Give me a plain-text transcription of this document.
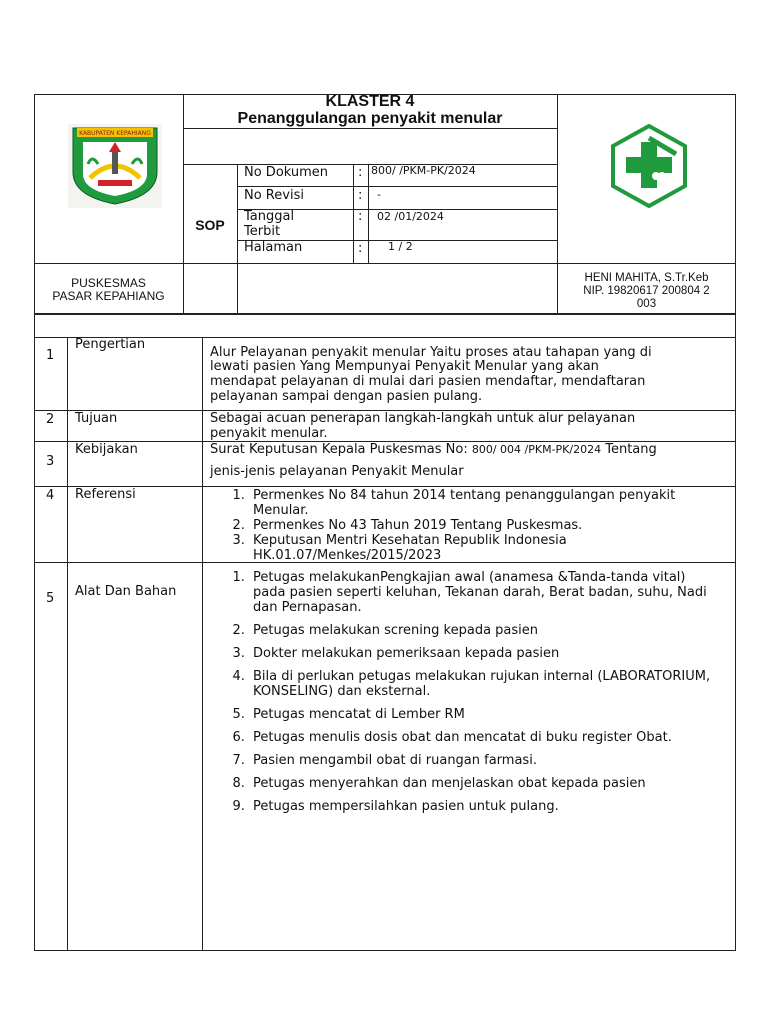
KLASTER 4
Penanggulangan penyakit menular
SOP
No Dokumen : 800/ /PKM-PK/2024
No Revisi	: -
Tanggal
Terbit
: 02 /01/2024
Halaman	: 1 / 2
KABUPATEN KEPAHIANG
PUSKESMAS
PASAR KEPAHIANG
HENI MAHITA, S.Tr.Keb
NIP. 19820617 200804 2
003
1
Pengertian
Alur Pelayanan penyakit menular Yaitu proses atau tahapan yang di
lewati pasien Yang Mempunyai Penyakit Menular yang akan
mendapat pelayanan di mulai dari pasien mendaftar, mendaftaran
pelayanan sampai dengan pasien pulang.
2 Tujuan	Sebagai acuan penerapan langkah-langkah untuk alur pelayanan
penyakit menular.
3
Kebijakan	Surat Keputusan Kepala Puskesmas No: 800/ 004 /PKM-PK/2024 Tentang
jenis-jenis pelayanan Penyakit Menular
4 Referensi
1.	Permenkes No 84 tahun 2014 tentang penanggulangan penyakit Menular.
2. Permenkes No 43 Tahun 2019 Tentang Puskesmas.
3. Keputusan Mentri Kesehatan Republik Indonesia HK.01.07/Menkes/2015/2023
5 Alat Dan Bahan
1. Petugas melakukanPengkajian awal (anamesa &Tanda-tanda vital) pada pasien seperti keluhan, Tekanan darah, Berat badan, suhu, Nadi dan Pernapasan.
2. Petugas melakukan screning kepada pasien
3. Dokter melakukan pemeriksaan kepada pasien
4. Bila di perlukan petugas melakukan rujukan internal (LABORATORIUM, KONSELING) dan eksternal.
5. Petugas mencatat di Lember RM
6. Petugas menulis dosis obat dan mencatat di buku register Obat.
7. Pasien mengambil obat di ruangan farmasi.
8. Petugas menyerahkan dan menjelaskan obat kepada pasien
9. Petugas mempersilahkan pasien untuk pulang.
